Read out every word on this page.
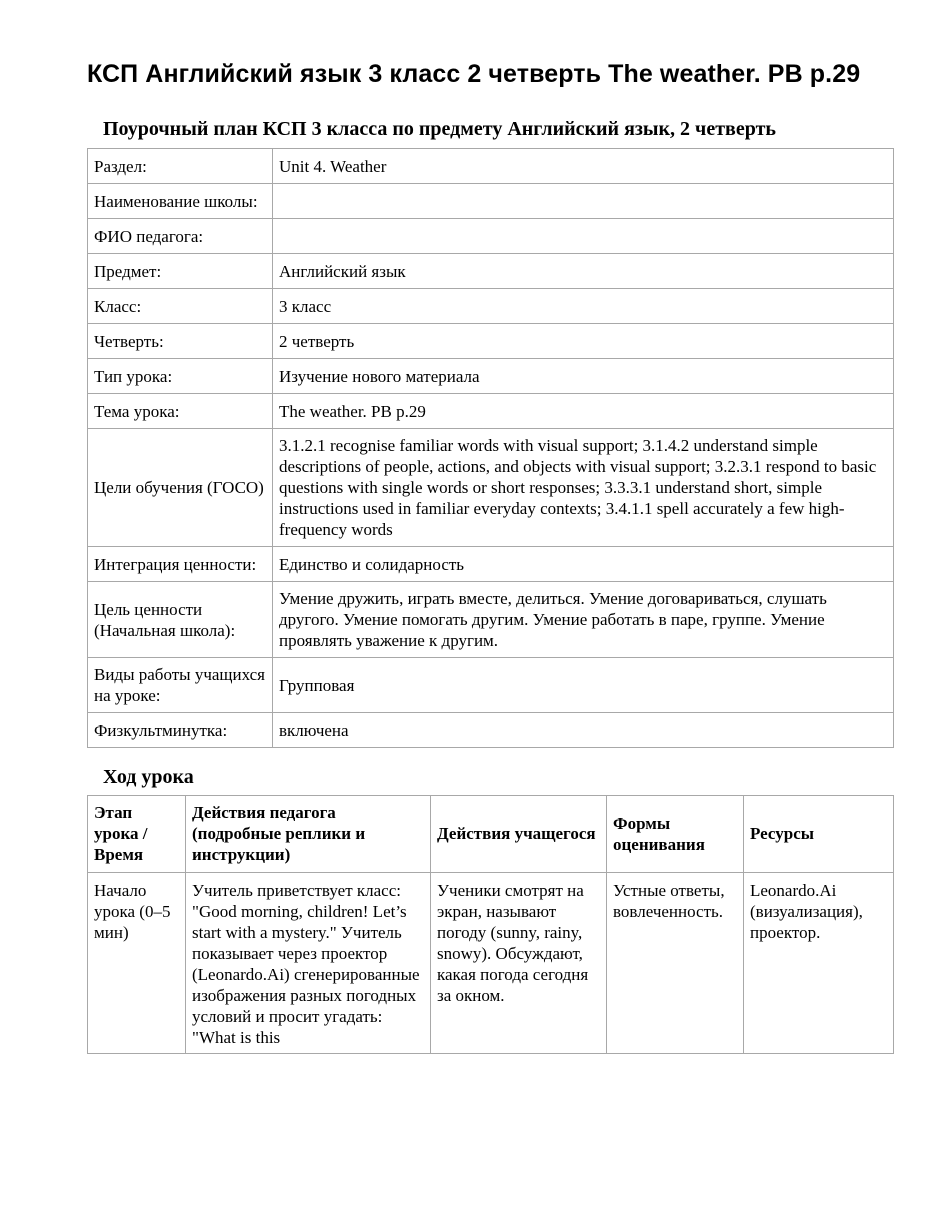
КСП Английский язык 3 класс 2 четверть The weather. PB p.29
Поурочный план КСП 3 класса по предмету Английский язык, 2 четверть
Раздел:	Unit 4. Weather
Наименование школы:	
ФИО педагога:	
Предмет:	Английский язык
Класс:	3 класс
Четверть:	2 четверть
Тип урока:	Изучение нового материала
Тема урока:	The weather. PB p.29
Цели обучения (ГОСО)	3.1.2.1 recognise familiar words with visual support; 3.1.4.2 understand simple descriptions of people, actions, and objects with visual support; 3.2.3.1 respond to basic questions with single words or short responses; 3.3.3.1 understand short, simple instructions used in familiar everyday contexts; 3.4.1.1 spell accurately a few high-frequency words
Интеграция ценности:	Единство и солидарность
Цель ценности (Начальная школа):	Умение дружить, играть вместе, делиться. Умение договариваться, слушать другого. Умение помогать другим. Умение работать в паре, группе. Умение проявлять уважение к другим.
Виды работы учащихся на уроке:	Групповая
Физкультминутка:	включена
Ход урока
Этап урока / Время	Действия педагога (подробные реплики и инструкции)	Действия учащегося	Формы оценивания	Ресурсы
Начало урока (0–5 мин)	Учитель приветствует класс: "Good morning, children! Let’s start with a mystery." Учитель показывает через проектор (Leonardo.Ai) сгенерированные изображения разных погодных условий и просит угадать: "What is this	Ученики смотрят на экран, называют погоду (sunny, rainy, snowy). Обсуждают, какая погода сегодня за окном.	Устные ответы, вовлеченность.	Leonardo.Ai (визуализация), проектор.
